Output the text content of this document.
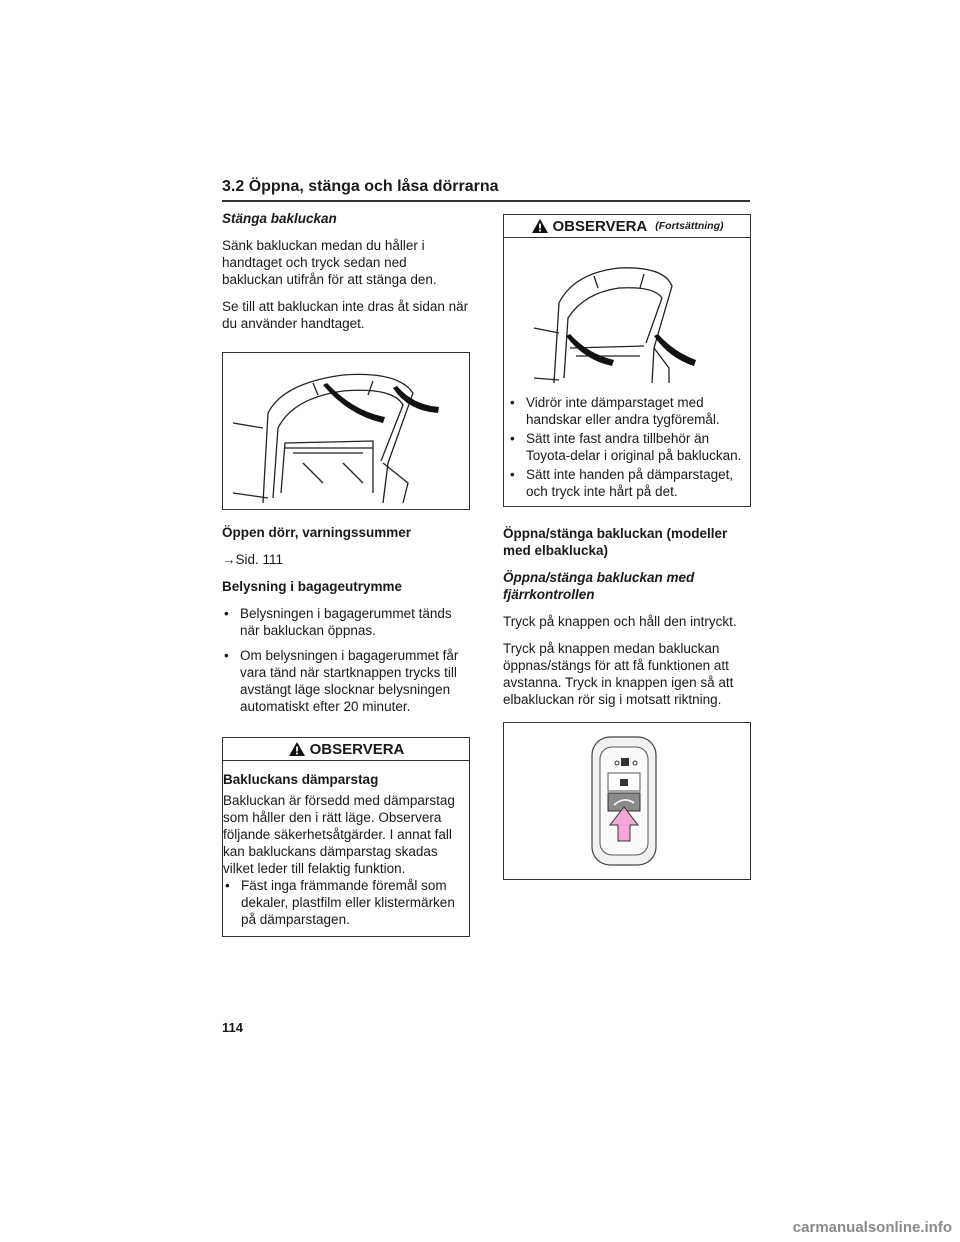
3.2 Öppna, stänga och låsa dörrarna

Stänga bakluckan

Sänk bakluckan medan du håller i handtaget och tryck sedan ned bakluckan utifrån för att stänga den.

Se till att bakluckan inte dras åt sidan när du använder handtaget.

Öppen dörr, varningssummer

→Sid. 111

Belysning i bagageutrymme

• Belysningen i bagagerummet tänds när bakluckan öppnas.
• Om belysningen i bagagerummet får vara tänd när startknappen trycks till avstängt läge slocknar belysningen automatiskt efter 20 minuter.
OBSERVERA

Bakluckans dämparstag

Bakluckan är försedd med dämparstag som håller den i rätt läge. Observera följande säkerhetsåtgärder. I annat fall kan bakluckans dämparstag skadas vilket leder till felaktig funktion.

• Fäst inga främmande föremål som dekaler, plastfilm eller klistermärken på dämparstagen.
OBSERVERA (Fortsättning)
• Vidrör inte dämparstaget med handskar eller andra tygföremål.
• Sätt inte fast andra tillbehör än Toyota-delar i original på bakluckan.
• Sätt inte handen på dämparstaget, och tryck inte hårt på det.

Öppna/stänga bakluckan (modeller med elbaklucka)

Öppna/stänga bakluckan med fjärrkontrollen

Tryck på knappen och håll den intryckt.

Tryck på knappen medan bakluckan öppnas/stängs för att få funktionen att avstanna. Tryck in knappen igen så att elbakluckan rör sig i motsatt riktning.

114
carmanualsonline.info
